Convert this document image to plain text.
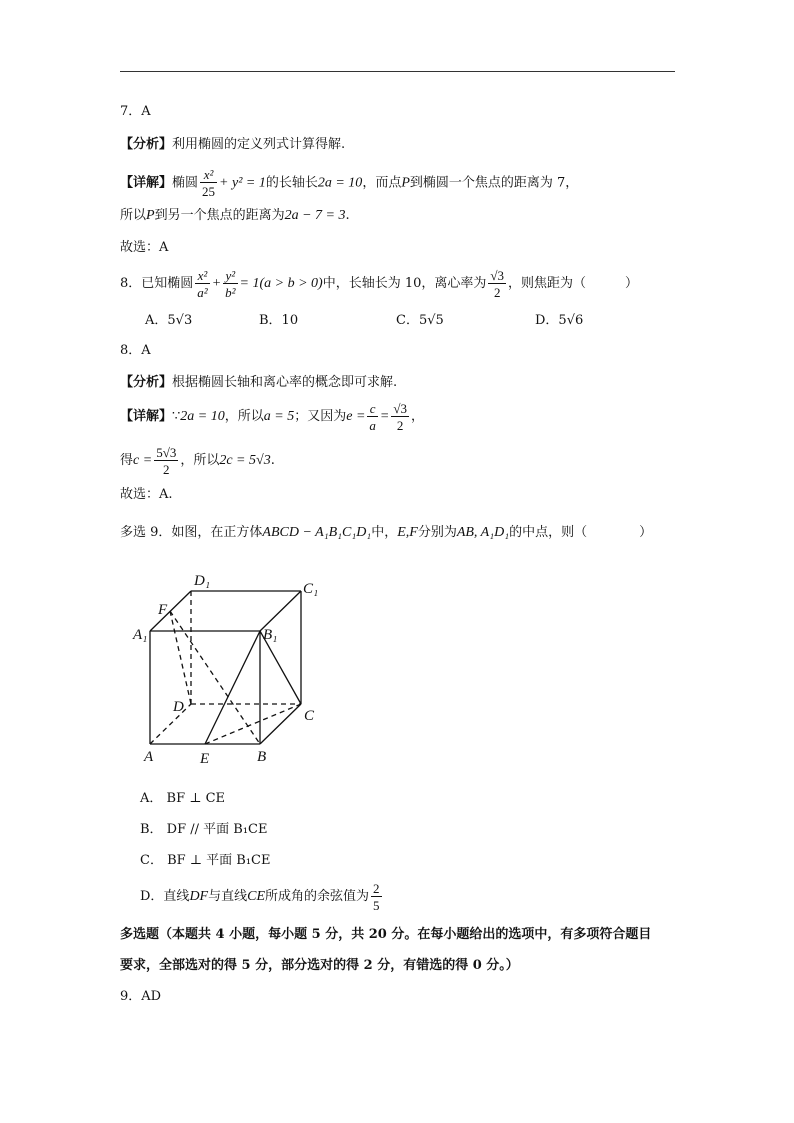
7．A
【分析】利用椭圆的定义列式计算得解.
【详解】椭圆 $\frac{\text{x²}}{25} + y^2 = 1$的长轴长2a = 10，而点P到椭圆一个焦点的距离为 7，
所以P到另一个焦点的距离为2a − 7 = 3.
故选：A
8．已知椭圆 $\frac{\text{x²}}{\text{a²}} + \frac{\text{y²}}{\text{b²}} = 1(a > b > 0)$中，长轴长为 10，离心率为 $\frac{√3}{2}$ ，则焦距为（　　　）
A．5√3	B．10	C．5√5	D．5√6
8．A
【分析】根据椭圆长轴和离心率的概念即可求解.
【详解】∵2a = 10，所以a = 5；又因为$e = \frac{c}{a} = \frac{√3}{2}$ ，
得$c = \frac{5√3}{2}$ ，所以2c = 5√3.
故选：A.
多选 9．如图，在正方体ABCD − A₁B₁C₁D₁中，E,F分别为AB, A₁D₁的中点，则（　　　　）
D₁	C₁
F
A₁	B₁
D
C
A	E	B
A． BF ⊥ CE
B． DF // 平面 B₁CE
C． BF ⊥ 平面 B₁CE
D．直线DF与直线CE所成角的余弦值为 $\frac{2}{5}$
多选题（本题共 4 小题，每小题 5 分，共 20 分。在每小题给出的选项中，有多项符合题目
要求，全部选对的得 5 分，部分选对的得 2 分，有错选的得 0 分。）
9．AD
